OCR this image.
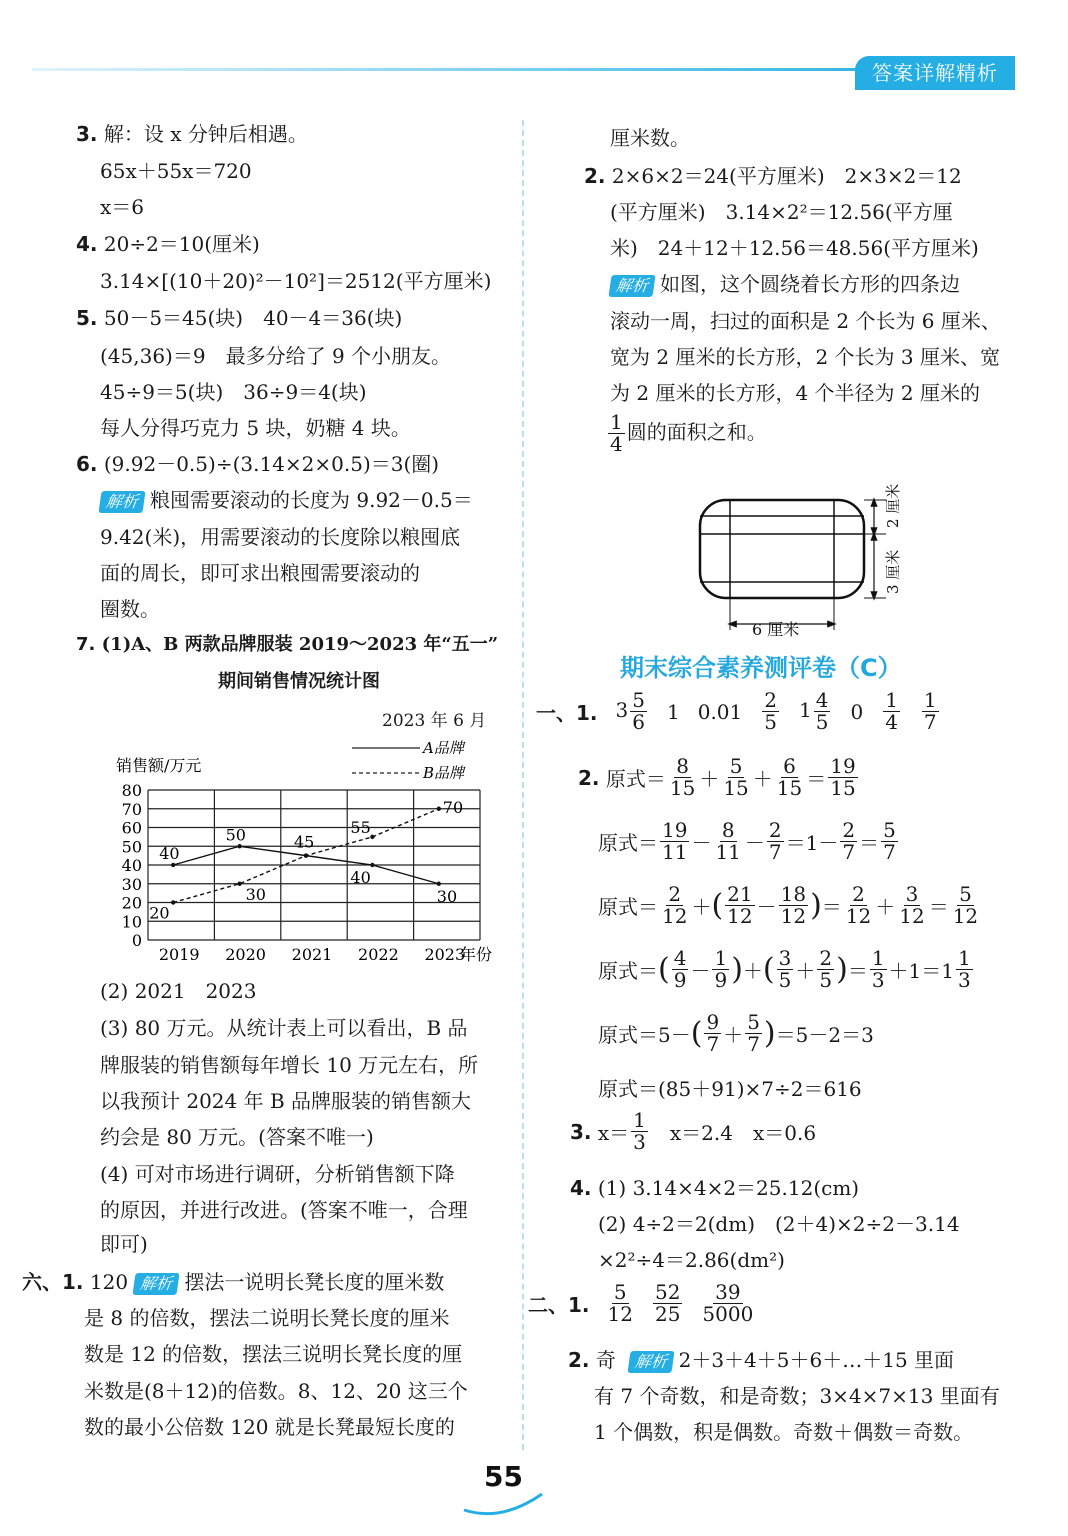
答案详解精析
3. 解：设 x 分钟后相遇。
65x＋55x＝720
x＝6
4. 20÷2＝10(厘米)
3.14×[(10＋20)²－10²]＝2512(平方厘米)
5. 50－5＝45(块)　40－4＝36(块)
(45,36)＝9　最多分给了 9 个小朋友。
45÷9＝5(块)　36÷9＝4(块)
每人分得巧克力 5 块，奶糖 4 块。
6. (9.92－0.5)÷(3.14×2×0.5)＝3(圈)
解析 粮囤需要滚动的长度为 9.92－0.5＝
9.42(米)，用需要滚动的长度除以粮囤底
面的周长，即可求出粮囤需要滚动的
圈数。
7. (1)A、B 两款品牌服装 2019～2023 年“五一”
期间销售情况统计图
2023 年 6 月
0
10
20
30
40
50
60
70
80
2019 2020 2021 2022 2023
40
50	45
40
30
20
30
55
70
销售额/万元
年份
A品牌
B品牌
(2) 2021　2023
(3) 80 万元。从统计表上可以看出，B 品
牌服装的销售额每年增长 10 万元左右，所
以我预计 2024 年 B 品牌服装的销售额大
约会是 80 万元。(答案不唯一)
(4) 可对市场进行调研，分析销售额下降
的原因，并进行改进。(答案不唯一，合理
即可)
六、1. 120 解析 摆法一说明长凳长度的厘米数
是 8 的倍数，摆法二说明长凳长度的厘米
数是 12 的倍数，摆法三说明长凳长度的厘
米数是(8＋12)的倍数。8、12、20 这三个
数的最小公倍数 120 就是长凳最短长度的
厘米数。
2. 2×6×2＝24(平方厘米)　2×3×2＝12
(平方厘米)　3.14×2²＝12.56(平方厘
米)　24＋12＋12.56＝48.56(平方厘米)
解析 如图，这个圆绕着长方形的四条边
滚动一周，扫过的面积是 2 个长为 6 厘米、
宽为 2 厘米的长方形，2 个长为 3 厘米、宽
为 2 厘米的长方形，4 个半径为 2 厘米的
$\frac{1}{4}$ 圆的面积之和。
6 厘米
2 厘米
3 厘米
期末综合素养测评卷（C）
一、1. $3 \frac{5}{6} 1$ $0.01 \frac{2}{5} 1 \frac{4}{5} 0 \frac{1}{4} \frac{1}{7}$
2.
原式＝ $\frac{8}{15} + \frac{5}{15} + \frac{6}{15} = \frac{19}{15}$
原式＝ $\frac{19}{11} - \frac{8}{11} - \frac{2}{7} =1- \frac{2}{7} = \frac{5}{7}$
原式＝ $\frac{2}{12}$ ＋ ( $\frac{21}{12} - \frac{18}{12}$ ) ＝ $\frac{2}{12} + \frac{3}{12} = \frac{5}{12}$
原式＝ ( $\frac{4}{9} - \frac{1}{9}$ ) ＋ ( $\frac{3}{5} + \frac{2}{5}$ ) ＝ $\frac{1}{3} +1=1 \frac{1}{3}$
原式＝ 5－ ( $\frac{9}{7} + \frac{5}{7}$ ) ＝5－2＝3
原式＝(85＋91)×7÷2＝616
3.
$x= \frac{1}{3}$ 　x＝2.4　x＝0.6
4. (1) 3.14×4×2＝25.12(cm)
(2) 4÷2＝2(dm)　(2＋4)×2÷2－3.14
×2²÷4＝2.86(dm²)
二、1. $\frac{5}{12} \frac{52}{25} \frac{39}{5000}$
2. 奇 解析 2＋3＋4＋5＋6＋…＋15 里面
有 7 个奇数，和是奇数；3×4×7×13 里面有
1 个偶数，积是偶数。奇数＋偶数＝奇数。
55
